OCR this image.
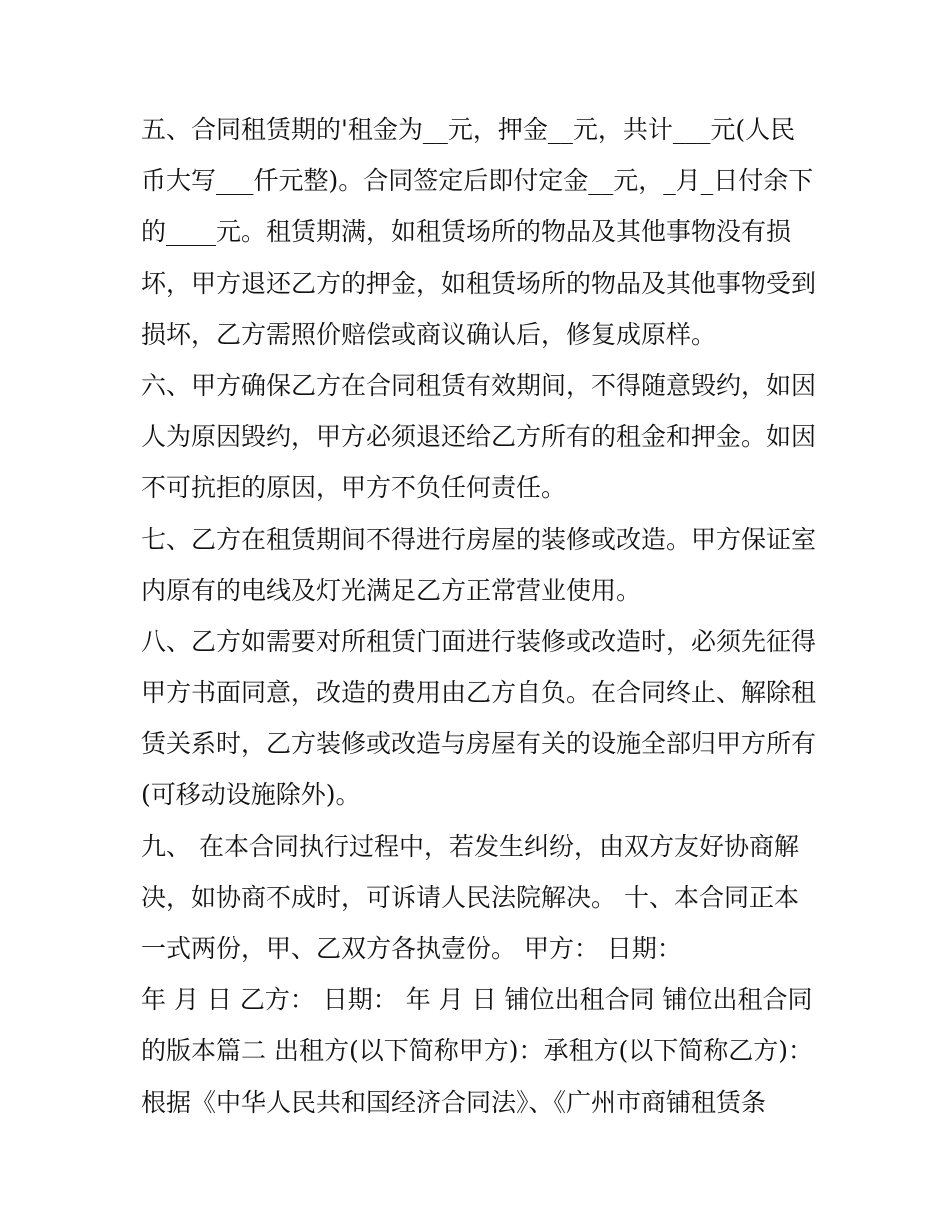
五、合同租赁期的'租金为__元，押金__元，共计___元(人民
币大写___仟元整)。合同签定后即付定金__元，_月_日付余下
的____元。租赁期满，如租赁场所的物品及其他事物没有损
坏，甲方退还乙方的押金，如租赁场所的物品及其他事物受到
损坏，乙方需照价赔偿或商议确认后，修复成原样。
六、甲方确保乙方在合同租赁有效期间，不得随意毁约，如因
人为原因毁约，甲方必须退还给乙方所有的租金和押金。如因
不可抗拒的原因，甲方不负任何责任。
七、乙方在租赁期间不得进行房屋的装修或改造。甲方保证室
内原有的电线及灯光满足乙方正常营业使用。
八、乙方如需要对所租赁门面进行装修或改造时，必须先征得
甲方书面同意，改造的费用由乙方自负。在合同终止、解除租
赁关系时，乙方装修或改造与房屋有关的设施全部归甲方所有
(可移动设施除外)。
九、 在本合同执行过程中，若发生纠纷，由双方友好协商解
决，如协商不成时，可诉请人民法院解决。 十、本合同正本
一式两份，甲、乙双方各执壹份。 甲方： 日期：
年 月 日 乙方： 日期： 年 月 日 铺位出租合同 铺位出租合同
的版本篇二 出租方(以下简称甲方)：承租方(以下简称乙方)：
根据《中华人民共和国经济合同法》、《广州市商铺租赁条
